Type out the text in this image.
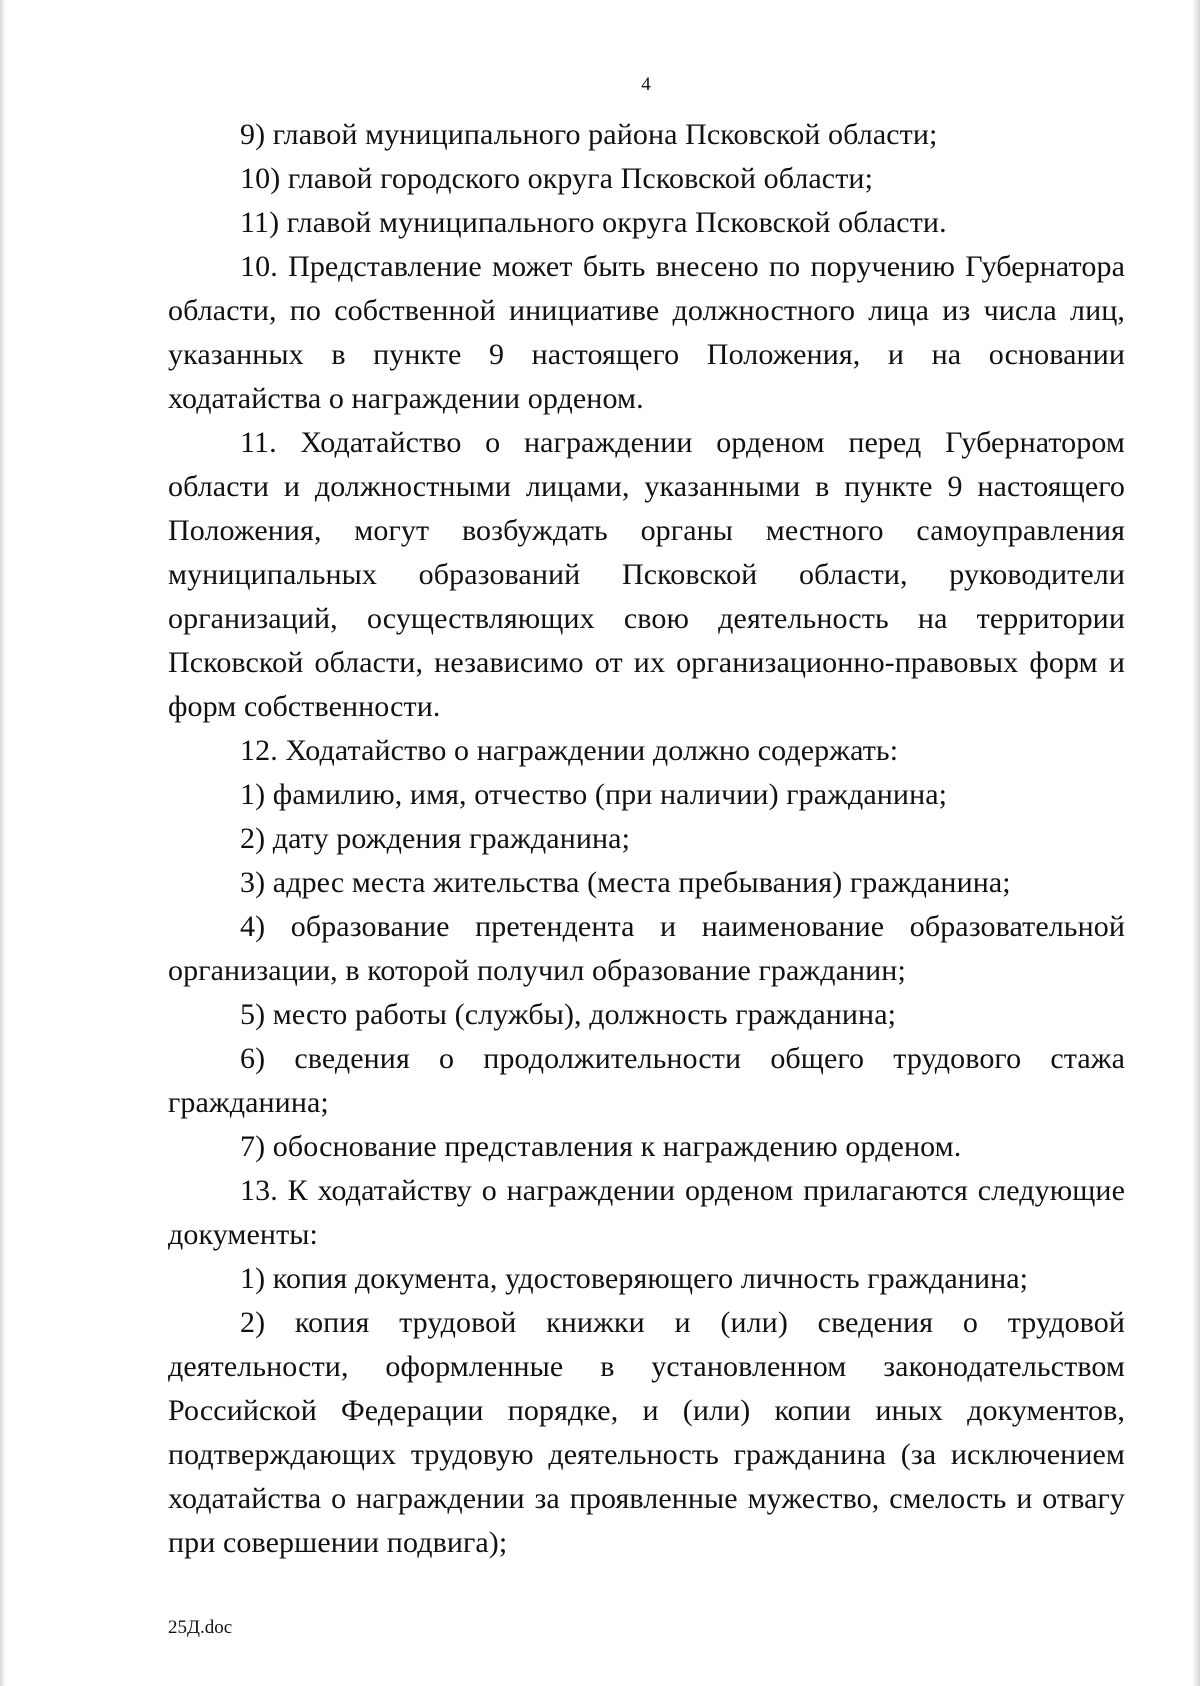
4

9) главой муниципального района Псковской области;

10) главой городского округа Псковской области;

11) главой муниципального округа Псковской области.

10. Представление может быть внесено по поручению Губернатора области, по собственной инициативе должностного лица из числа лиц, указанных в пункте 9 настоящего Положения, и на основании ходатайства о награждении орденом.

11. Ходатайство о награждении орденом перед Губернатором области и должностными лицами, указанными в пункте 9 настоящего Положения, могут возбуждать органы местного самоуправления муниципальных образований Псковской области, руководители организаций, осуществляющих свою деятельность на территории Псковской области, независимо от их организационно-правовых форм и форм собственности.

12. Ходатайство о награждении должно содержать:

1) фамилию, имя, отчество (при наличии) гражданина;

2) дату рождения гражданина;

3) адрес места жительства (места пребывания) гражданина;

4) образование претендента и наименование образовательной организации, в которой получил образование гражданин;

5) место работы (службы), должность гражданина;

6) сведения о продолжительности общего трудового стажа гражданина;

7) обоснование представления к награждению орденом.

13. К ходатайству о награждении орденом прилагаются следующие документы:

1) копия документа, удостоверяющего личность гражданина;

2) копия трудовой книжки и (или) сведения о трудовой деятельности, оформленные в установленном законодательством Российской Федерации порядке, и (или) копии иных документов, подтверждающих трудовую деятельность гражданина (за исключением ходатайства о награждении за проявленные мужество, смелость и отвагу при совершении подвига);

25Д.doc
